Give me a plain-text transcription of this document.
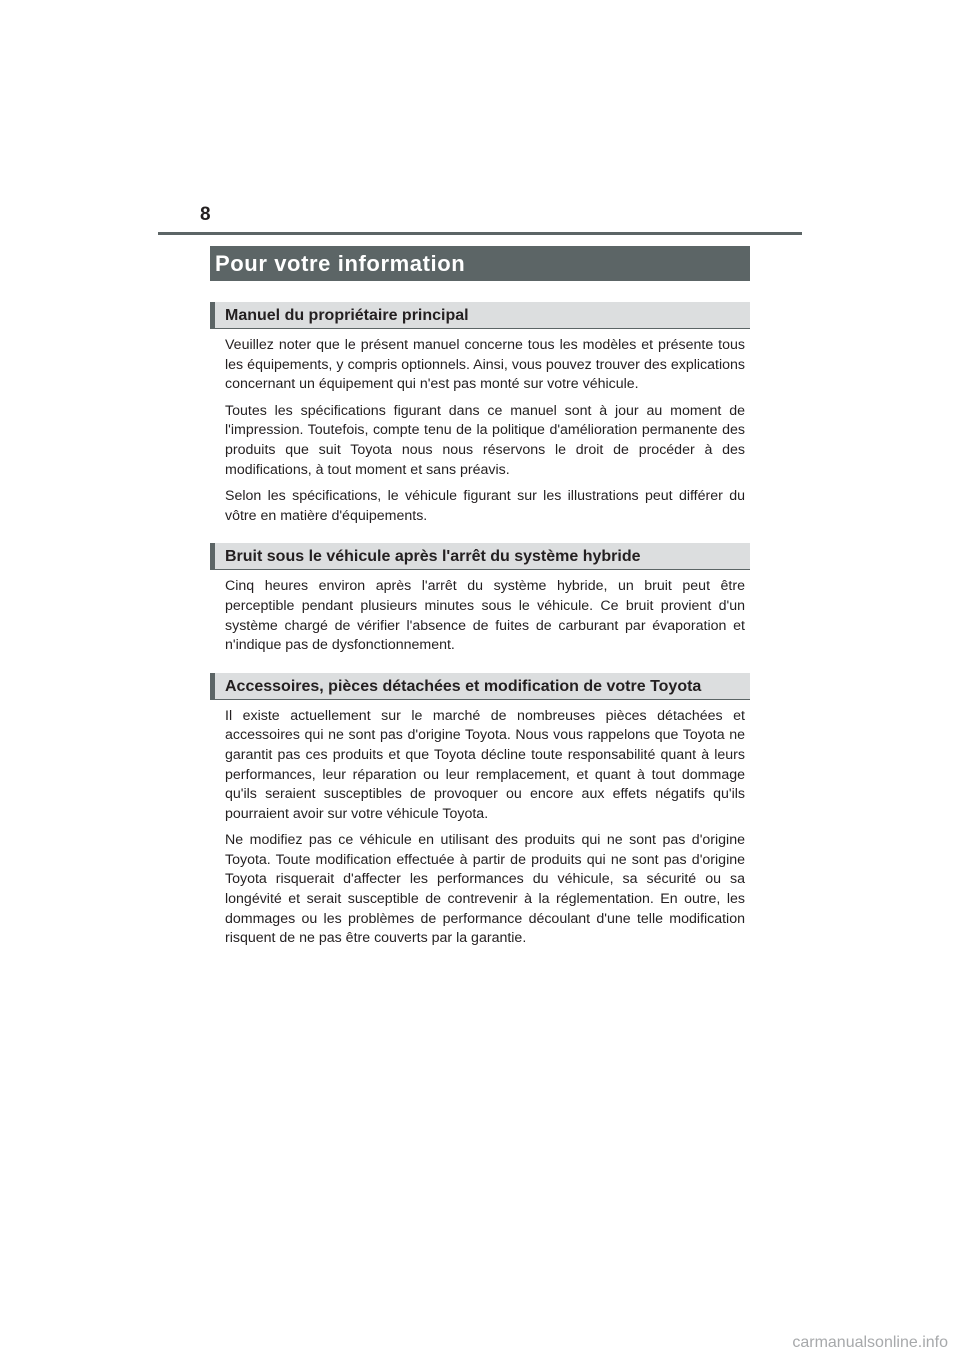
8
Pour votre information
Manuel du propriétaire principal

Veuillez noter que le présent manuel concerne tous les modèles et présente tous les équipements, y compris optionnels. Ainsi, vous pouvez trouver des explications concernant un équipement qui n'est pas monté sur votre véhicule.

Toutes les spécifications figurant dans ce manuel sont à jour au moment de l'impression. Toutefois, compte tenu de la politique d'amélioration permanente des produits que suit Toyota nous nous réservons le droit de procéder à des modifications, à tout moment et sans préavis.

Selon les spécifications, le véhicule figurant sur les illustrations peut différer du vôtre en matière d'équipements.

Bruit sous le véhicule après l'arrêt du système hybride

Cinq heures environ après l'arrêt du système hybride, un bruit peut être perceptible pendant plusieurs minutes sous le véhicule. Ce bruit provient d'un système chargé de vérifier l'absence de fuites de carburant par évaporation et n'indique pas de dysfonctionnement.

Accessoires, pièces détachées et modification de votre Toyota

Il existe actuellement sur le marché de nombreuses pièces détachées et accessoires qui ne sont pas d'origine Toyota. Nous vous rappelons que Toyota ne garantit pas ces produits et que Toyota décline toute responsabilité quant à leurs performances, leur réparation ou leur remplacement, et quant à tout dommage qu'ils seraient susceptibles de provoquer ou encore aux effets négatifs qu'ils pourraient avoir sur votre véhicule Toyota.

Ne modifiez pas ce véhicule en utilisant des produits qui ne sont pas d'origine Toyota. Toute modification effectuée à partir de produits qui ne sont pas d'origine Toyota risquerait d'affecter les performances du véhicule, sa sécurité ou sa longévité et serait susceptible de contrevenir à la réglementation. En outre, les dommages ou les problèmes de performance découlant d'une telle modification risquent de ne pas être couverts par la garantie.

carmanualsonline.info
